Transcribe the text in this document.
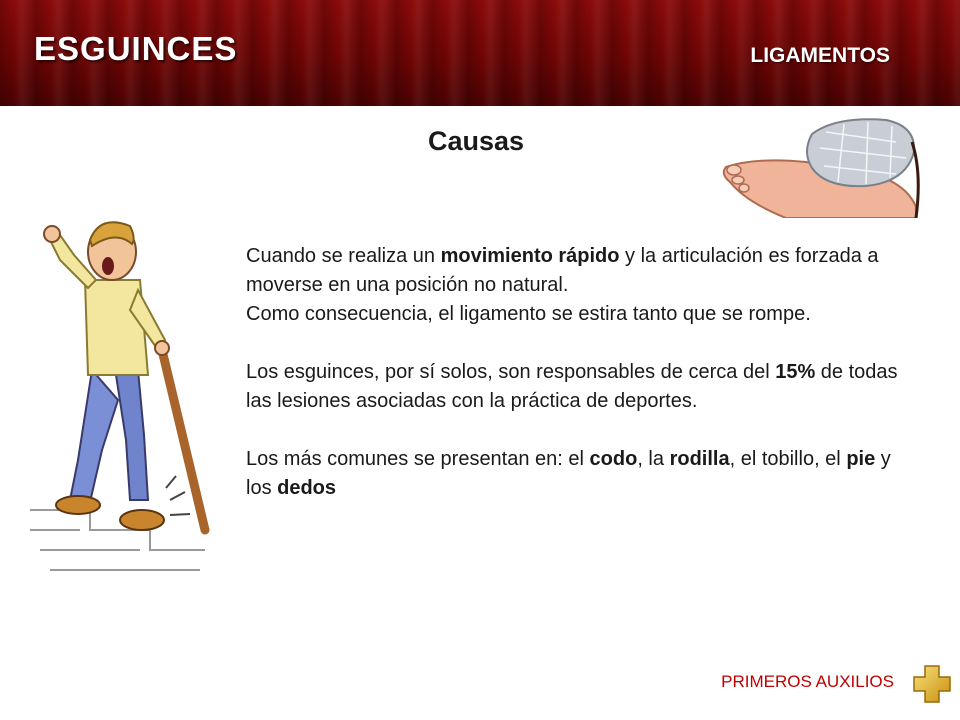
ESGUINCES	LIGAMENTOS
Causas

Cuando se realiza un movimiento rápido y la articulación es forzada a moverse en una posición no natural.

Como consecuencia, el ligamento se estira tanto que se rompe.

Los esguinces, por sí solos, son responsables de cerca del 15% de todas las lesiones asociadas con la práctica de deportes.

Los más comunes se presentan en: el codo, la rodilla, el tobillo, el pie y los dedos

PRIMEROS AUXILIOS
